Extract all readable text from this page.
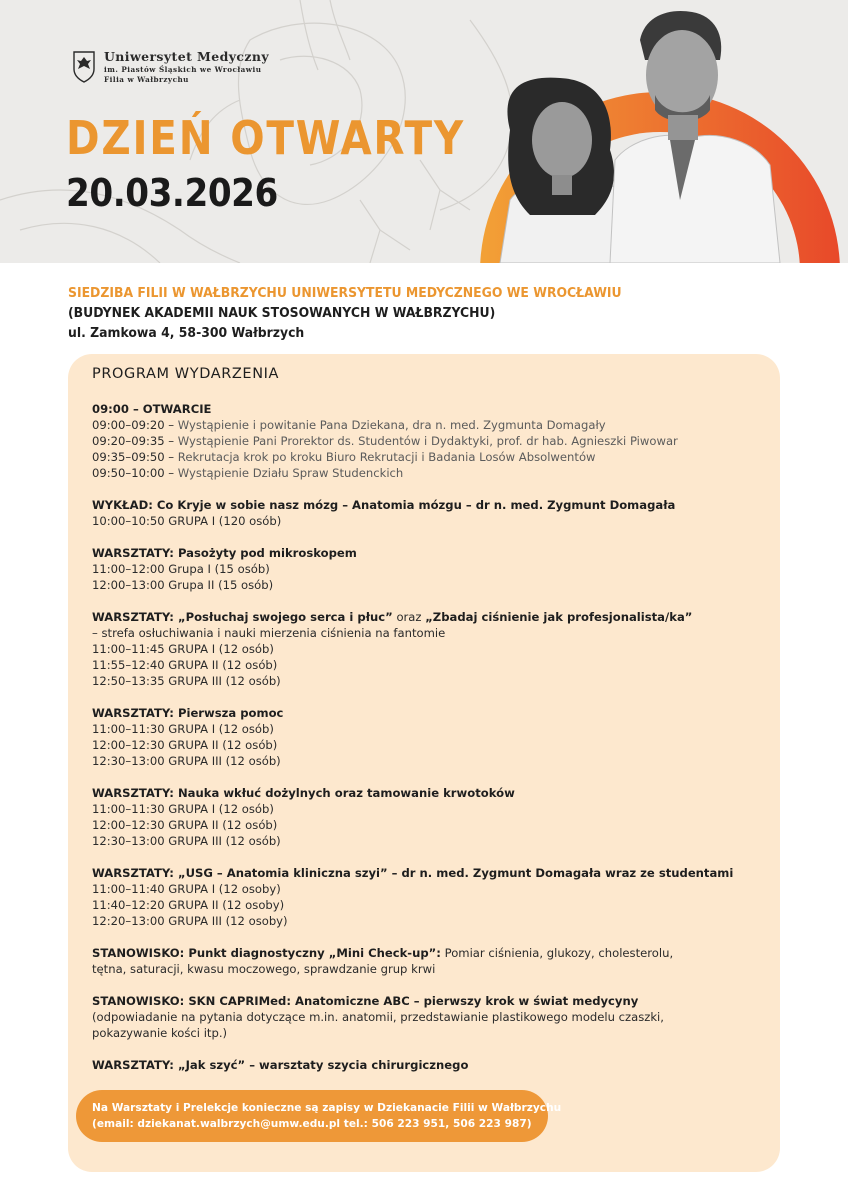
Uniwersytet Medyczny
im. Piastów Śląskich we Wrocławiu
Filia w Wałbrzychu
DZIEŃ OTWARTY
20.03.2026
SIEDZIBA FILII W WAŁBRZYCHU UNIWERSYTETU MEDYCZNEGO WE WROCŁAWIU
(BUDYNEK AKADEMII NAUK STOSOWANYCH W WAŁBRZYCHU)
ul. Zamkowa 4, 58-300 Wałbrzych
PROGRAM WYDARZENIA
09:00 – OTWARCIE
09:00–09:20 – Wystąpienie i powitanie Pana Dziekana, dra n. med. Zygmunta Domagały
09:20–09:35 – Wystąpienie Pani Prorektor ds. Studentów i Dydaktyki, prof. dr hab. Agnieszki Piwowar
09:35–09:50 – Rekrutacja krok po kroku Biuro Rekrutacji i Badania Losów Absolwentów
09:50–10:00 – Wystąpienie Działu Spraw Studenckich
WYKŁAD: Co Kryje w sobie nasz mózg – Anatomia mózgu – dr n. med. Zygmunt Domagała
10:00–10:50 GRUPA I (120 osób)
WARSZTATY: Pasożyty pod mikroskopem
11:00–12:00 Grupa I (15 osób)
12:00–13:00 Grupa II (15 osób)
WARSZTATY: „Posłuchaj swojego serca i płuc” oraz „Zbadaj ciśnienie jak profesjonalista/ka”
– strefa osłuchiwania i nauki mierzenia ciśnienia na fantomie
11:00–11:45 GRUPA I (12 osób)
11:55–12:40 GRUPA II (12 osób)
12:50–13:35 GRUPA III (12 osób)
WARSZTATY: Pierwsza pomoc
11:00–11:30 GRUPA I (12 osób)
12:00–12:30 GRUPA II (12 osób)
12:30–13:00 GRUPA III (12 osób)
WARSZTATY: Nauka wkłuć dożylnych oraz tamowanie krwotoków
11:00–11:30 GRUPA I (12 osób)
12:00–12:30 GRUPA II (12 osób)
12:30–13:00 GRUPA III (12 osób)
WARSZTATY: „USG – Anatomia kliniczna szyi” – dr n. med. Zygmunt Domagała wraz ze studentami
11:00–11:40 GRUPA I (12 osoby)
11:40–12:20 GRUPA II (12 osoby)
12:20–13:00 GRUPA III (12 osoby)
STANOWISKO: Punkt diagnostyczny „Mini Check-up”: Pomiar ciśnienia, glukozy, cholesterolu,
tętna, saturacji, kwasu moczowego, sprawdzanie grup krwi
STANOWISKO: SKN CAPRIMed: Anatomiczne ABC – pierwszy krok w świat medycyny
(odpowiadanie na pytania dotyczące m.in. anatomii, przedstawianie plastikowego modelu czaszki,
pokazywanie kości itp.)
WARSZTATY: „Jak szyć” – warsztaty szycia chirurgicznego
Na Warsztaty i Prelekcje konieczne są zapisy w Dziekanacie Filii w Wałbrzychu
(email: dziekanat.walbrzych@umw.edu.pl tel.: 506 223 951, 506 223 987)
